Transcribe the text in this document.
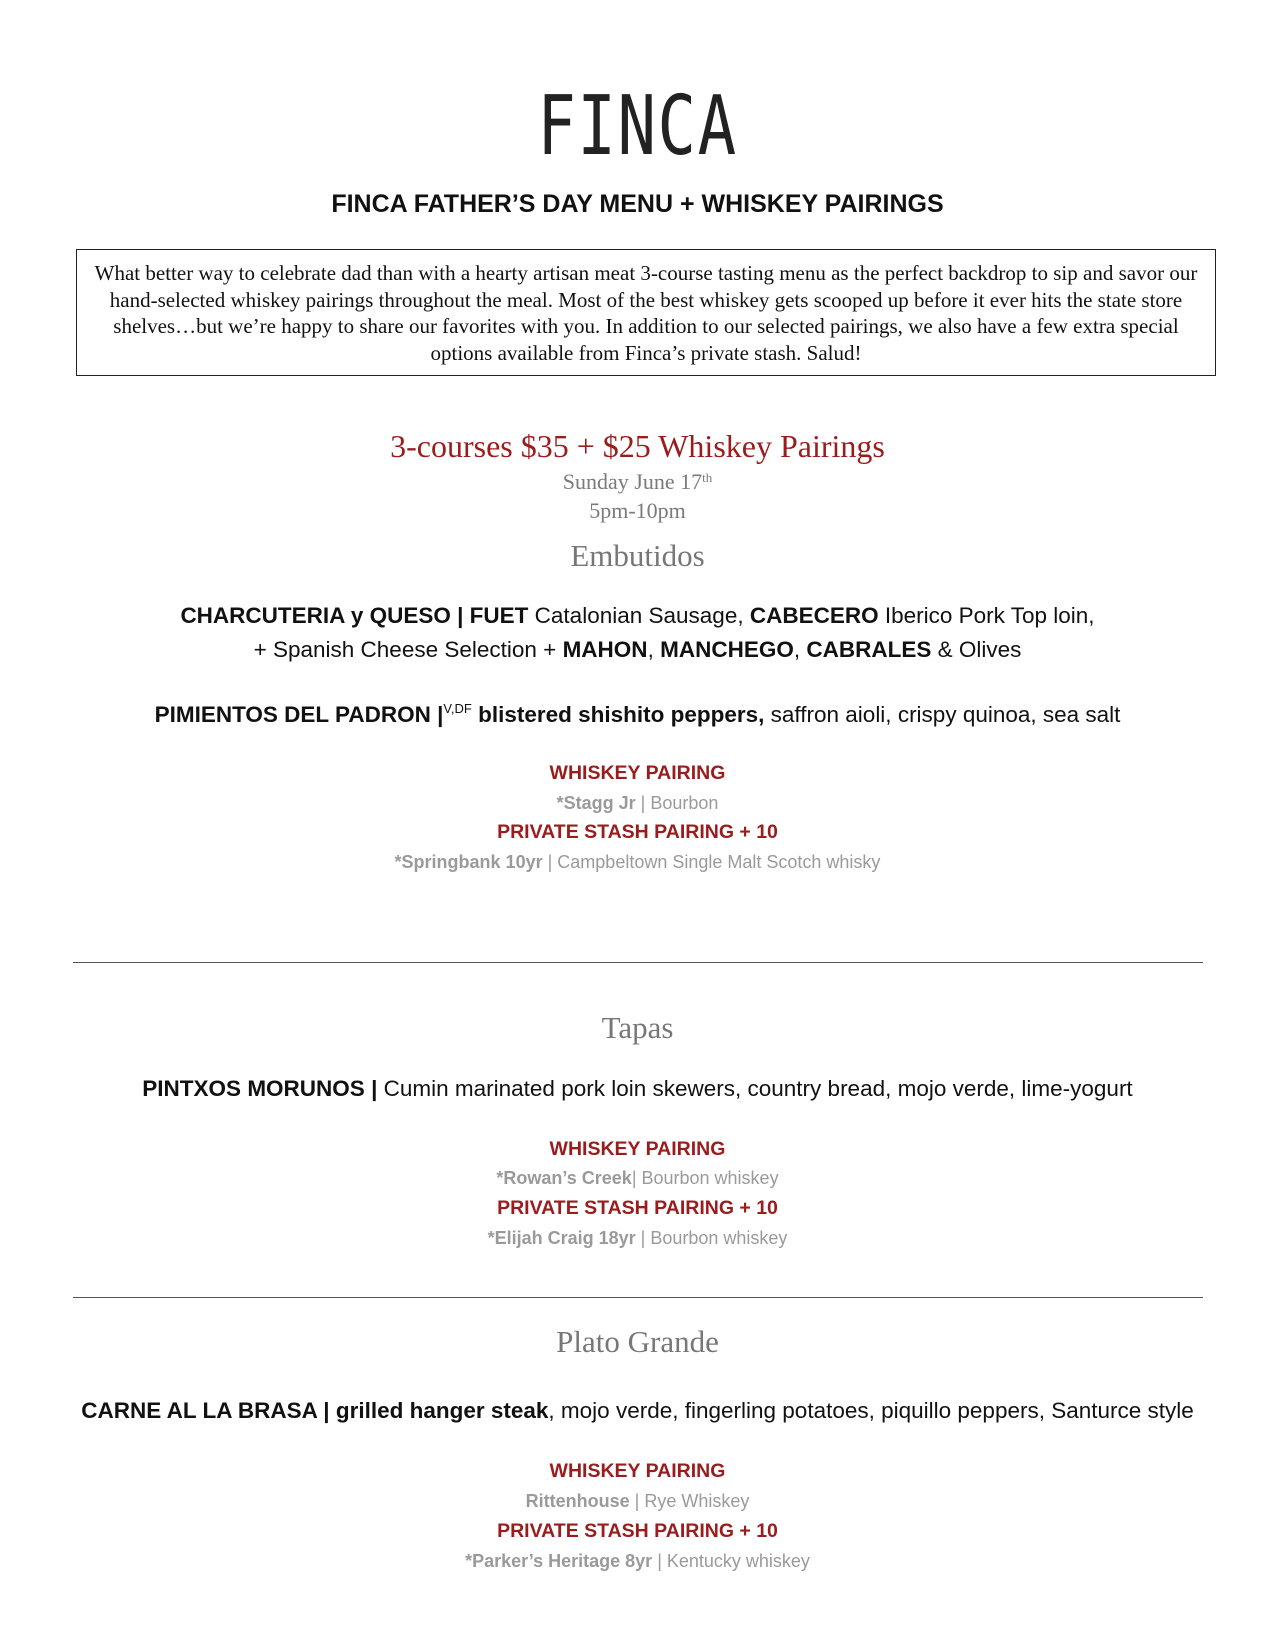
FINCA
FINCA FATHER’S DAY MENU + WHISKEY PAIRINGS
What better way to celebrate dad than with a hearty artisan meat 3-course tasting menu as the perfect backdrop to sip and savor our hand-selected whiskey pairings throughout the meal. Most of the best whiskey gets scooped up before it ever hits the state store shelves…but we’re happy to share our favorites with you. In addition to our selected pairings, we also have a few extra special options available from Finca’s private stash. Salud!
3-courses $35 + $25 Whiskey Pairings
Sunday June 17th
5pm-10pm
Embutidos
CHARCUTERIA y QUESO | FUET Catalonian Sausage, CABECERO Iberico Pork Top loin,
+ Spanish Cheese Selection + MAHON, MANCHEGO, CABRALES & Olives
PIMIENTOS DEL PADRON $|^{V,DF}$ blistered shishito peppers, saffron aioli, crispy quinoa, sea salt
WHISKEY PAIRING
*Stagg Jr | Bourbon
PRIVATE STASH PAIRING + 10
*Springbank 10yr | Campbeltown Single Malt Scotch whisky
Tapas
PINTXOS MORUNOS | Cumin marinated pork loin skewers, country bread, mojo verde, lime-yogurt
WHISKEY PAIRING
*Rowan’s Creek| Bourbon whiskey
PRIVATE STASH PAIRING + 10
*Elijah Craig 18yr | Bourbon whiskey
Plato Grande
CARNE AL LA BRASA | grilled hanger steak, mojo verde, fingerling potatoes, piquillo peppers, Santurce style
WHISKEY PAIRING
Rittenhouse | Rye Whiskey
PRIVATE STASH PAIRING + 10
*Parker’s Heritage 8yr | Kentucky whiskey
